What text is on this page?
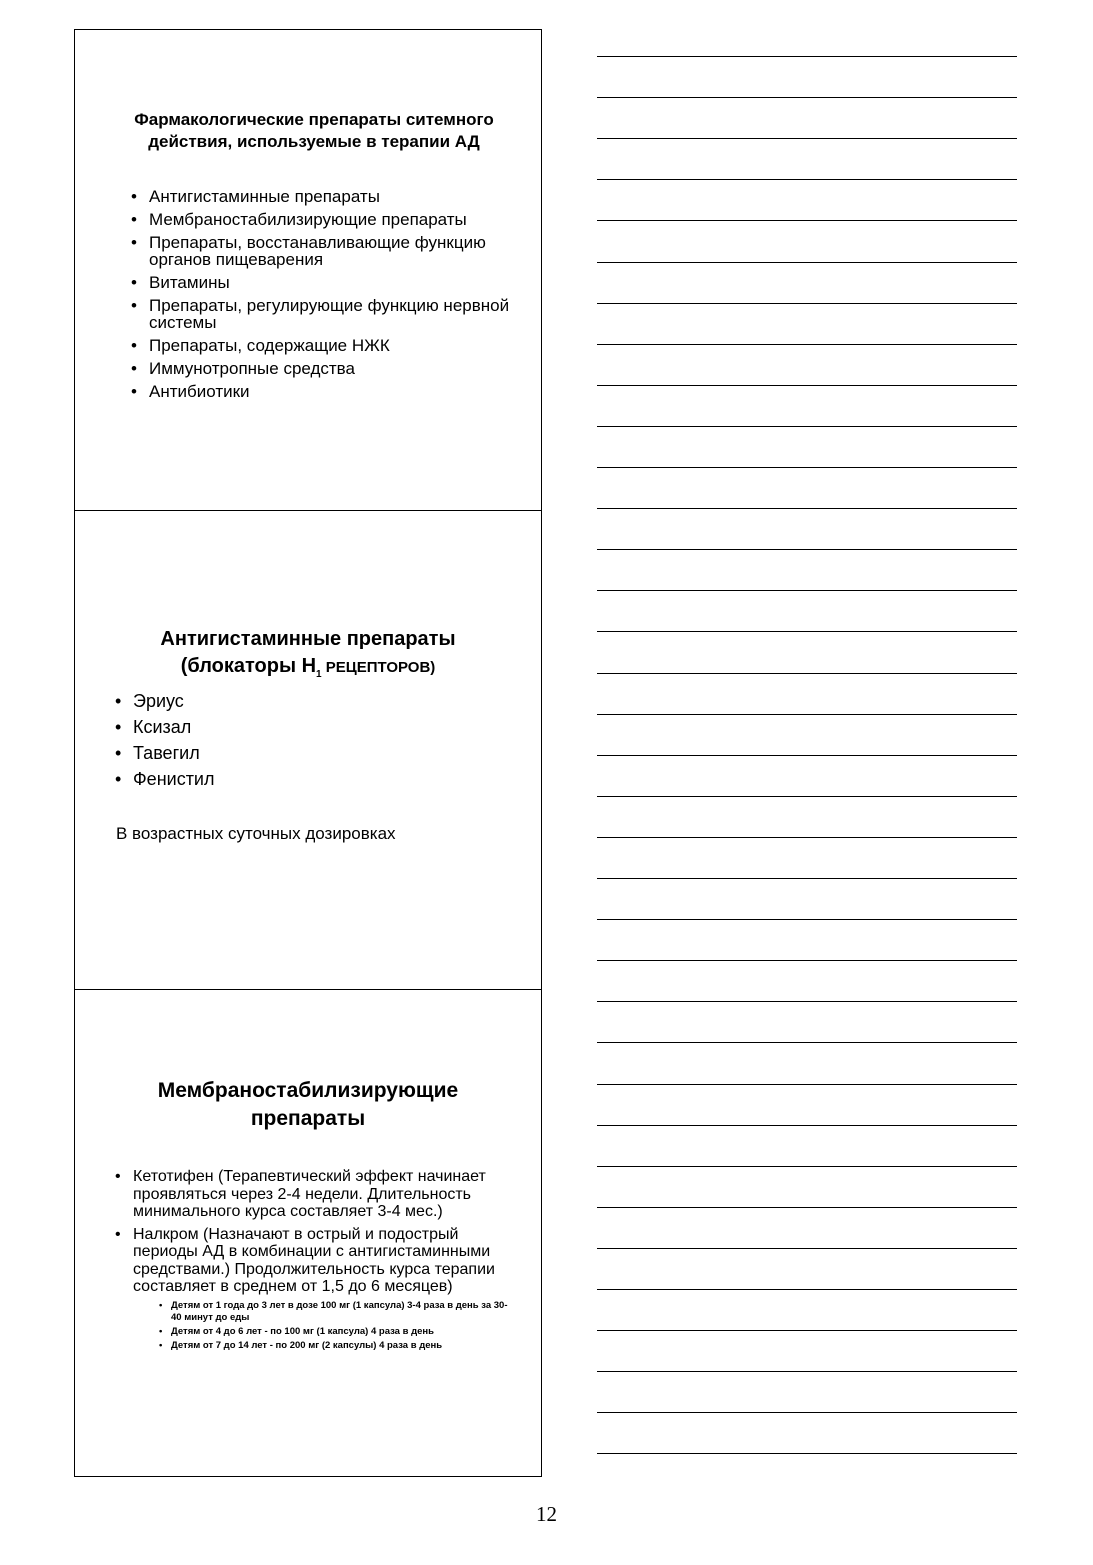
Фармакологические препараты ситемного действия, используемые в терапии АД

• Антигистаминные препараты
• Мембраностабилизирующие препараты
• Препараты, восстанавливающие функцию органов пищеварения
• Витамины
• Препараты, регулирующие функцию нервной системы
• Препараты, содержащие НЖК
• Иммунотропные средства
• Антибиотики

Антигистаминные препараты
(блокаторы $Н_1$ РЕЦЕПТОРОВ)

• Эриус
• Ксизал
• Тавегил
• Фенистил

В возрастных суточных дозировках

Мембраностабилизирующие препараты

• Кетотифен (Терапевтический эффект начинает проявляться через 2-4 недели. Длительность минимального курса составляет 3-4 мес.)
• Налкром (Назначают в острый и подострый периоды АД в комбинации с антигистаминными средствами.) Продолжительность курса терапии составляет в среднем от 1,5 до 6 месяцев)
• Детям от 1 года до 3 лет в дозе 100 мг (1 капсула) 3-4 раза в день за 30-40 минут до еды
• Детям от 4 до 6 лет - по 100 мг (1 капсула) 4 раза в день
• Детям от 7 до 14 лет - по 200 мг (2 капсулы) 4 раза в день
12
